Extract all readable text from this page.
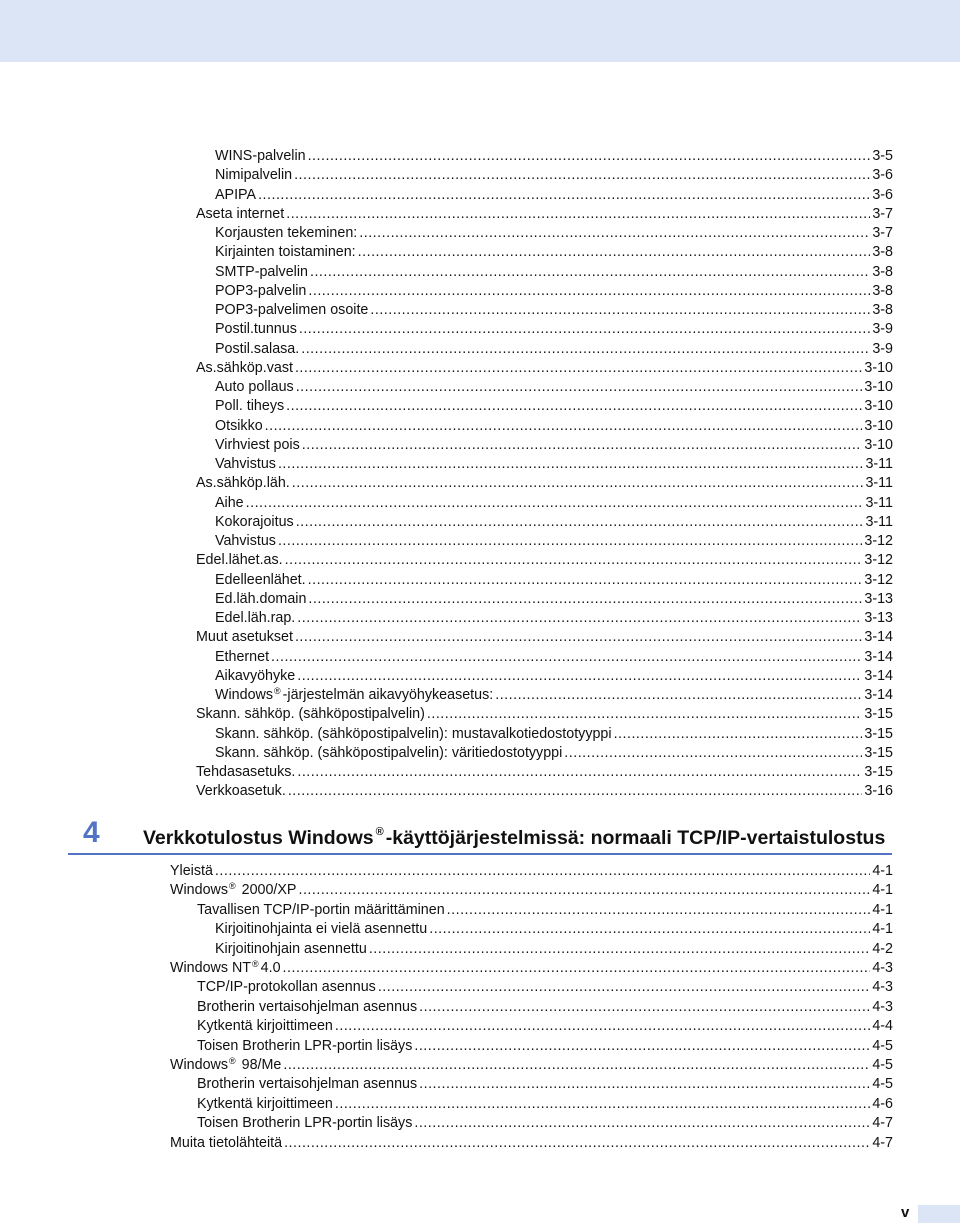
WINS-palvelin .....	3-5
Nimipalvelin .....	3-6
APIPA .....	3-6
Aseta internet .....	3-7
Korjausten tekeminen: .....	3-7
Kirjainten toistaminen: .....	3-8
SMTP-palvelin .....	3-8
POP3-palvelin .....	3-8
POP3-palvelimen osoite .....	3-8
Postil.tunnus .....	3-9
Postil.salasa. .....	3-9
As.sähköp.vast .....	3-10
Auto pollaus .....	3-10
Poll. tiheys .....	3-10
Otsikko .....	3-10
Virhviest pois .....	3-10
Vahvistus .....	3-11
As.sähköp.läh. .....	3-11
Aihe .....	3-11
Kokorajoitus .....	3-11
Vahvistus .....	3-12
Edel.lähet.as. .....	3-12
Edelleenlähet. .....	3-12
Ed.läh.domain .....	3-13
Edel.läh.rap. .....	3-13
Muut asetukset .....	3-14
Ethernet .....	3-14
Aikavyöhyke .....	3-14
Windows® -järjestelmän aikavyöhykeasetus: .....	3-14
Skann. sähköp. (sähköpostipalvelin) .....	3-15
Skann. sähköp. (sähköpostipalvelin): mustavalkotiedostotyyppi .....	3-15
Skann. sähköp. (sähköpostipalvelin): väritiedostotyyppi .....	3-15
Tehdasasetuks. .....	3-15
Verkkoasetuk. .....	3-16
4 Verkkotulostus Windows ® -käyttöjärjestelmissä: normaali TCP/IP-vertaistulostus
Yleistä .....	4-1
Windows® 2000/XP .....	4-1
Tavallisen TCP/IP-portin määrittäminen .....	4-1
Kirjoitinohjainta ei vielä asennettu .....	4-1
Kirjoitinohjain asennettu .....	4-2
Windows NT® 4.0 .....	4-3
TCP/IP-protokollan asennus .....	4-3
Brotherin vertaisohjelman asennus .....	4-3
Kytkentä kirjoittimeen .....	4-4
Toisen Brotherin LPR-portin lisäys .....	4-5
Windows® 98/Me .....	4-5
Brotherin vertaisohjelman asennus .....	4-5
Kytkentä kirjoittimeen .....	4-6
Toisen Brotherin LPR-portin lisäys .....	4-7
Muita tietolähteitä .....	4-7
v
